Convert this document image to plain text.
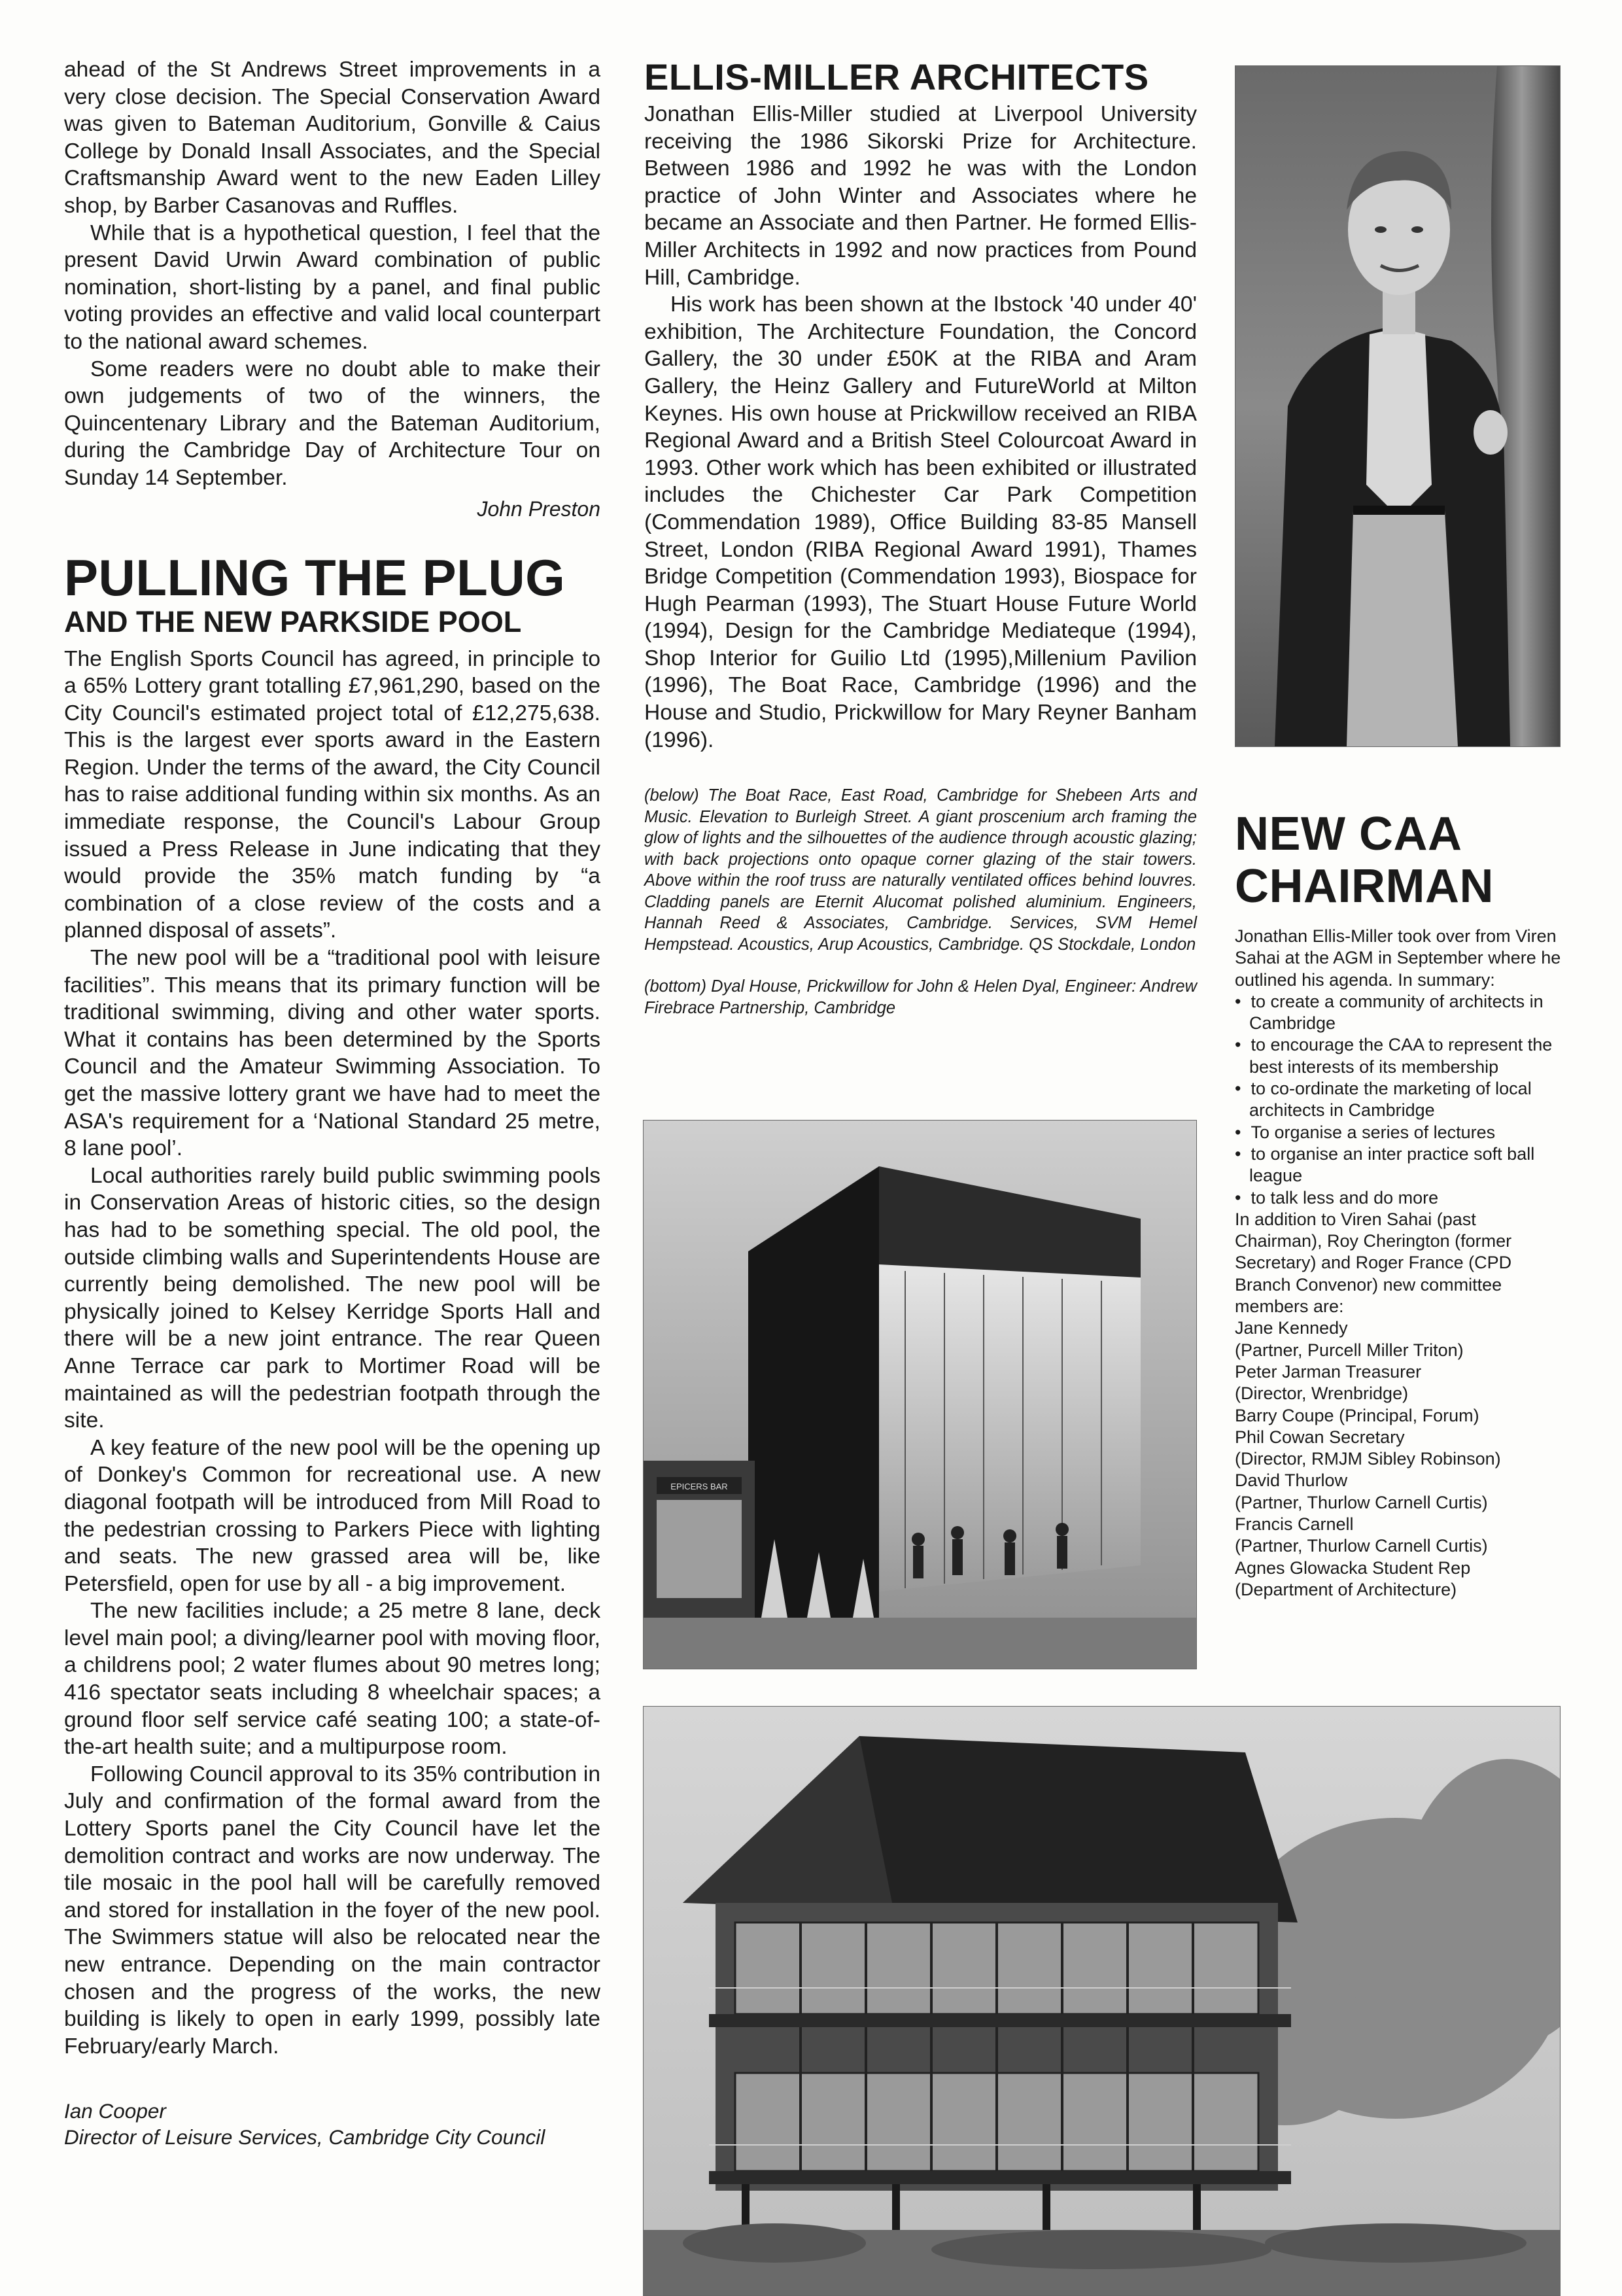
ahead of the St Andrews Street improvements in a very close decision. The Special Conservation Award was given to Bateman Auditorium, Gonville & Caius College by Donald Insall Associates, and the Special Craftsmanship Award went to the new Eaden Lilley shop, by Barber Casanovas and Ruffles.

While that is a hypothetical question, I feel that the present David Urwin Award combination of public nomination, short-listing by a panel, and final public voting provides an effective and valid local counterpart to the national award schemes.

Some readers were no doubt able to make their own judgements of two of the winners, the Quincentenary Library and the Bateman Auditorium, during the Cambridge Day of Architecture Tour on Sunday 14 September.

John Preston

PULLING THE PLUG
AND THE NEW PARKSIDE POOL

The English Sports Council has agreed, in principle to a 65% Lottery grant totalling £7,961,290, based on the City Council's estimated project total of £12,275,638. This is the largest ever sports award in the Eastern Region. Under the terms of the award, the City Council has to raise additional funding within six months. As an immediate response, the Council's Labour Group issued a Press Release in June indicating that they would provide the 35% match funding by “a combination of a close review of the costs and a planned disposal of assets”.

The new pool will be a “traditional pool with leisure facilities”. This means that its primary function will be traditional swimming, diving and other water sports. What it contains has been determined by the Sports Council and the Amateur Swimming Association. To get the massive lottery grant we have had to meet the ASA's requirement for a ‘National Standard 25 metre, 8 lane pool’.

Local authorities rarely build public swimming pools in Conservation Areas of historic cities, so the design has had to be something special. The old pool, the outside climbing walls and Superintendents House are currently being demolished. The new pool will be physically joined to Kelsey Kerridge Sports Hall and there will be a new joint entrance. The rear Queen Anne Terrace car park to Mortimer Road will be maintained as will the pedestrian footpath through the site.

A key feature of the new pool will be the opening up of Donkey's Common for recreational use. A new diagonal footpath will be introduced from Mill Road to the pedestrian crossing to Parkers Piece with lighting and seats. The new grassed area will be, like Petersfield, open for use by all - a big improvement.

The new facilities include; a 25 metre 8 lane, deck level main pool; a diving/learner pool with moving floor, a childrens pool; 2 water flumes about 90 metres long; 416 spectator seats including 8 wheelchair spaces; a ground floor self service café seating 100; a state-of-the-art health suite; and a multipurpose room.

Following Council approval to its 35% contribution in July and confirmation of the formal award from the Lottery Sports panel the City Council have let the demolition contract and works are now underway. The tile mosaic in the pool hall will be carefully removed and stored for installation in the foyer of the new pool. The Swimmers statue will also be relocated near the new entrance. Depending on the main contractor chosen and the progress of the works, the new building is likely to open in early 1999, possibly late February/early March.

Ian Cooper
Director of Leisure Services, Cambridge City Council
ELLIS-MILLER ARCHITECTS

Jonathan Ellis-Miller studied at Liverpool University receiving the 1986 Sikorski Prize for Architecture. Between 1986 and 1992 he was with the London practice of John Winter and Associates where he became an Associate and then Partner. He formed Ellis-Miller Architects in 1992 and now practices from Pound Hill, Cambridge.

His work has been shown at the Ibstock '40 under 40' exhibition, The Architecture Foundation, the Concord Gallery, the 30 under £50K at the RIBA and Aram Gallery, the Heinz Gallery and FutureWorld at Milton Keynes. His own house at Prickwillow received an RIBA Regional Award and a British Steel Colourcoat Award in 1993. Other work which has been exhibited or illustrated includes the Chichester Car Park Competition (Commendation 1989), Office Building 83-85 Mansell Street, London (RIBA Regional Award 1991), Thames Bridge Competition (Commendation 1993), Biospace for Hugh Pearman (1993), The Stuart House Future World (1994), Design for the Cambridge Mediateque (1994), Shop Interior for Guilio Ltd (1995),Millenium Pavilion (1996), The Boat Race, Cambridge (1996) and the House and Studio, Prickwillow for Mary Reyner Banham (1996).

(below) The Boat Race, East Road, Cambridge for Shebeen Arts and Music. Elevation to Burleigh Street. A giant proscenium arch framing the glow of lights and the silhouettes of the audience through acoustic glazing; with back projections onto opaque corner glazing of the stair towers. Above within the roof truss are naturally ventilated offices behind louvres. Cladding panels are Eternit Alucomat polished aluminium. Engineers, Hannah Reed & Associates, Cambridge. Services, SVM Hemel Hempstead. Acoustics, Arup Acoustics, Cambridge. QS Stockdale, London

(bottom) Dyal House, Prickwillow for John & Helen Dyal, Engineer: Andrew Firebrace Partnership, Cambridge

NEW CAA
CHAIRMAN

Jonathan Ellis-Miller took over from Viren Sahai at the AGM in September where he outlined his agenda. In summary:

•  to create a community of architects in Cambridge
•  to encourage the CAA to represent the best interests of its membership
•  to co-ordinate the marketing of local architects in Cambridge
•  To organise a series of lectures
•  to organise an inter practice soft ball league
•  to talk less and do more

In addition to Viren Sahai (past Chairman), Roy Cherington (former Secretary) and Roger France (CPD Branch Convenor) new committee members are:

Jane Kennedy
(Partner, Purcell Miller Triton)
Peter Jarman Treasurer
(Director, Wrenbridge)
Barry Coupe (Principal, Forum)
Phil Cowan Secretary
(Director, RMJM Sibley Robinson)
David Thurlow
(Partner, Thurlow Carnell Curtis)
Francis Carnell
(Partner, Thurlow Carnell Curtis)
Agnes Glowacka Student Rep
(Department of Architecture)
EPICERS BAR
